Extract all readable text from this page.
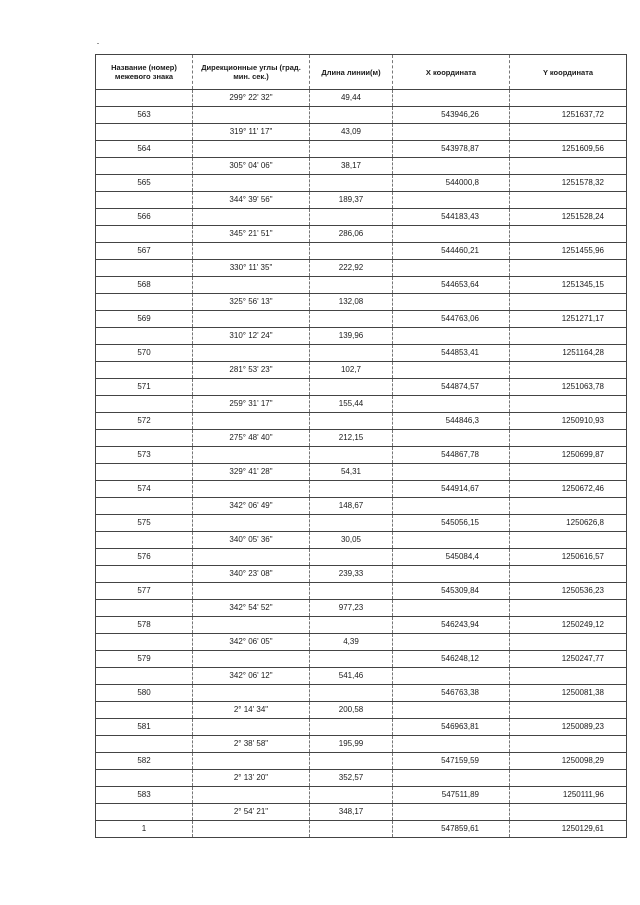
Название (номер) межевого знака	Дирекционные углы (град. мин. сек.)	Длина линии(м)	X координата	Y координата
	299° 22' 32"	49,44		
563			543946,26	1251637,72
	319° 11' 17"	43,09		
564			543978,87	1251609,56
	305° 04' 06"	38,17		
565			544000,8	1251578,32
	344° 39' 56"	189,37		
566			544183,43	1251528,24
	345° 21' 51"	286,06		
567			544460,21	1251455,96
	330° 11' 35"	222,92		
568			544653,64	1251345,15
	325° 56' 13"	132,08		
569			544763,06	1251271,17
	310° 12' 24"	139,96		
570			544853,41	1251164,28
	281° 53' 23"	102,7		
571			544874,57	1251063,78
	259° 31' 17"	155,44		
572			544846,3	1250910,93
	275° 48' 40"	212,15		
573			544867,78	1250699,87
	329° 41' 28"	54,31		
574			544914,67	1250672,46
	342° 06' 49"	148,67		
575			545056,15	1250626,8
	340° 05' 36"	30,05		
576			545084,4	1250616,57
	340° 23' 08"	239,33		
577			545309,84	1250536,23
	342° 54' 52"	977,23		
578			546243,94	1250249,12
	342° 06' 05"	4,39		
579			546248,12	1250247,77
	342° 06' 12"	541,46		
580			546763,38	1250081,38
	2° 14' 34"	200,58		
581			546963,81	1250089,23
	2° 38' 58"	195,99		
582			547159,59	1250098,29
	2° 13' 20"	352,57		
583			547511,89	1250111,96
	2° 54' 21"	348,17		
1			547859,61	1250129,61
